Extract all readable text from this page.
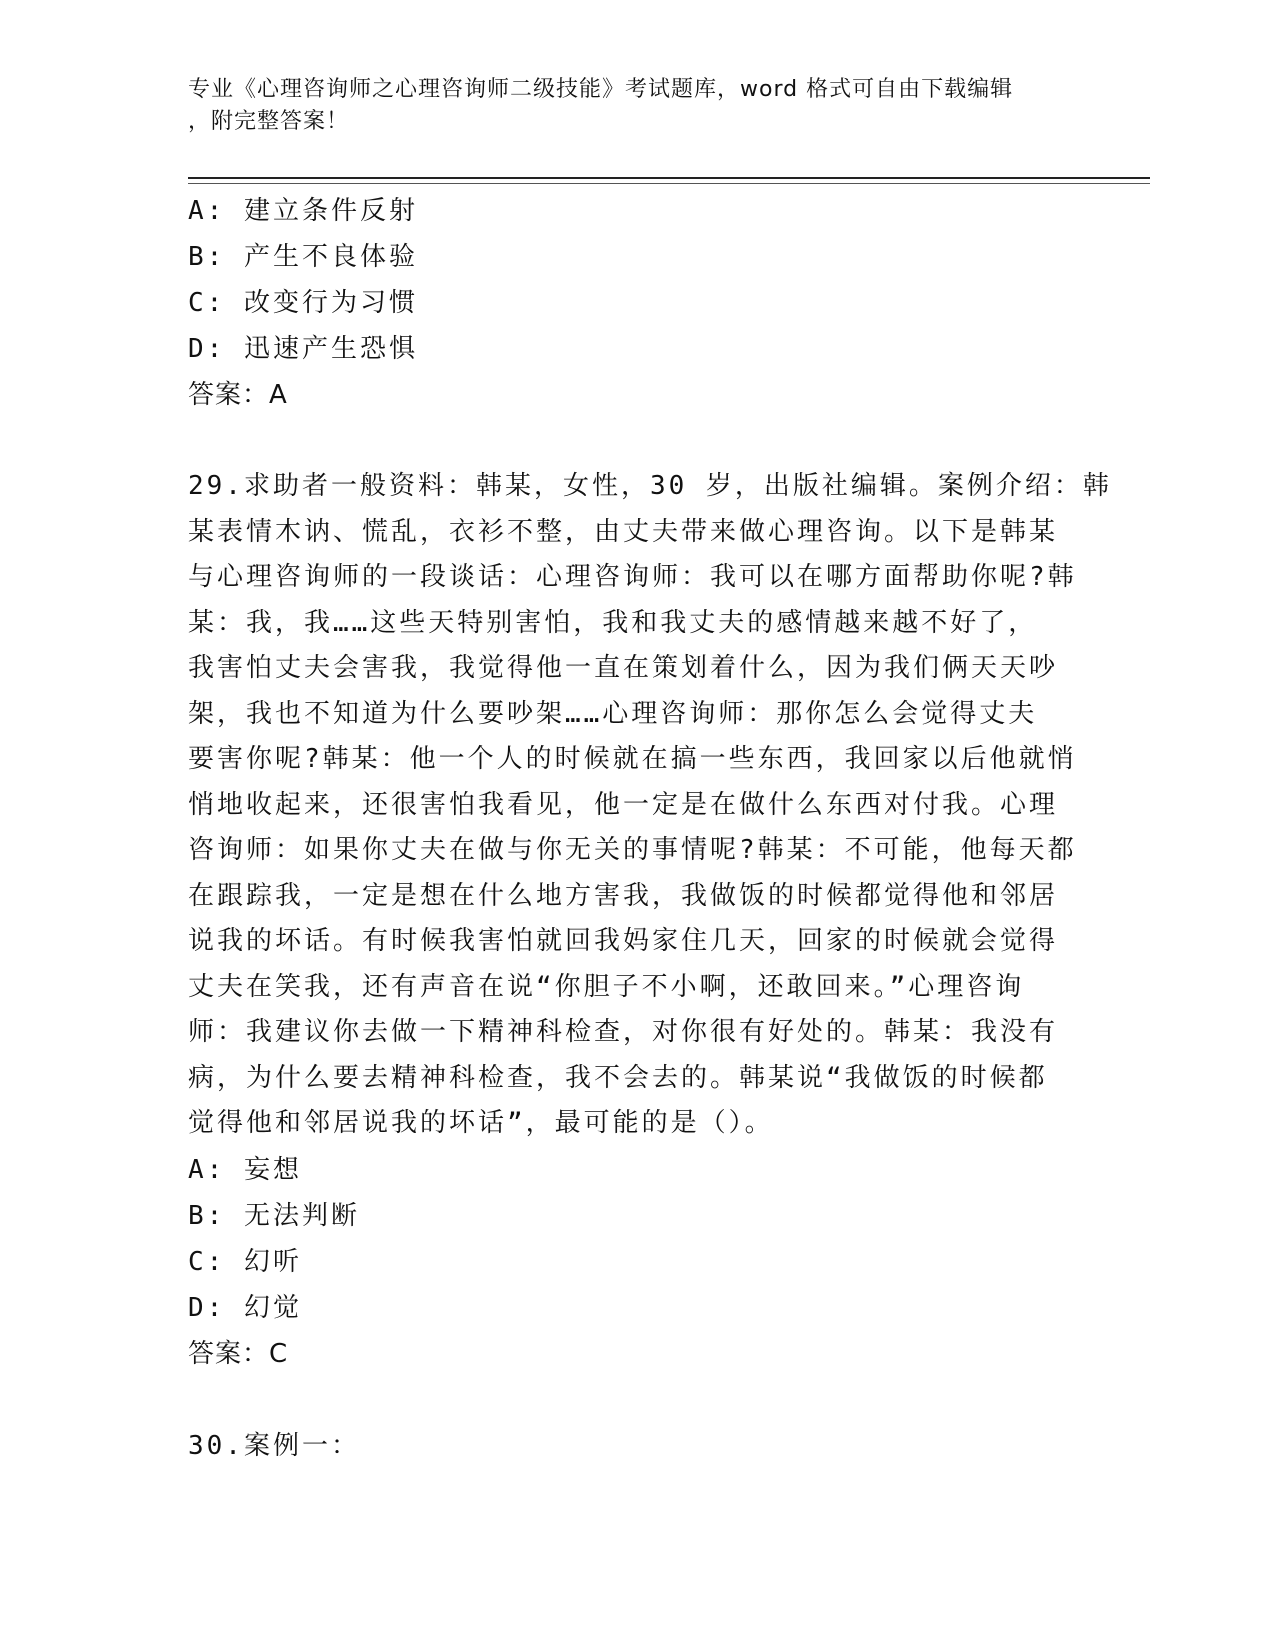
专业《心理咨询师之心理咨询师二级技能》考试题库，word 格式可自由下载编辑
，附完整答案！
A: 建立条件反射
B: 产生不良体验
C: 改变行为习惯
D: 迅速产生恐惧
答案：A
29.求助者一般资料：韩某，女性，30 岁，出版社编辑。案例介绍：韩
某表情木讷、慌乱，衣衫不整，由丈夫带来做心理咨询。以下是韩某
与心理咨询师的一段谈话：心理咨询师：我可以在哪方面帮助你呢?韩
某：我，我……这些天特别害怕，我和我丈夫的感情越来越不好了，
我害怕丈夫会害我，我觉得他一直在策划着什么，因为我们俩天天吵
架，我也不知道为什么要吵架……心理咨询师：那你怎么会觉得丈夫
要害你呢?韩某：他一个人的时候就在搞一些东西，我回家以后他就悄
悄地收起来，还很害怕我看见，他一定是在做什么东西对付我。心理
咨询师：如果你丈夫在做与你无关的事情呢?韩某：不可能，他每天都
在跟踪我，一定是想在什么地方害我，我做饭的时候都觉得他和邻居
说我的坏话。有时候我害怕就回我妈家住几天，回家的时候就会觉得
丈夫在笑我，还有声音在说“你胆子不小啊，还敢回来。”心理咨询
师：我建议你去做一下精神科检查，对你很有好处的。韩某：我没有
病，为什么要去精神科检查，我不会去的。韩某说“我做饭的时候都
觉得他和邻居说我的坏话”，最可能的是（）。
A: 妄想
B: 无法判断
C: 幻听
D: 幻觉
答案：C
30.案例一：
